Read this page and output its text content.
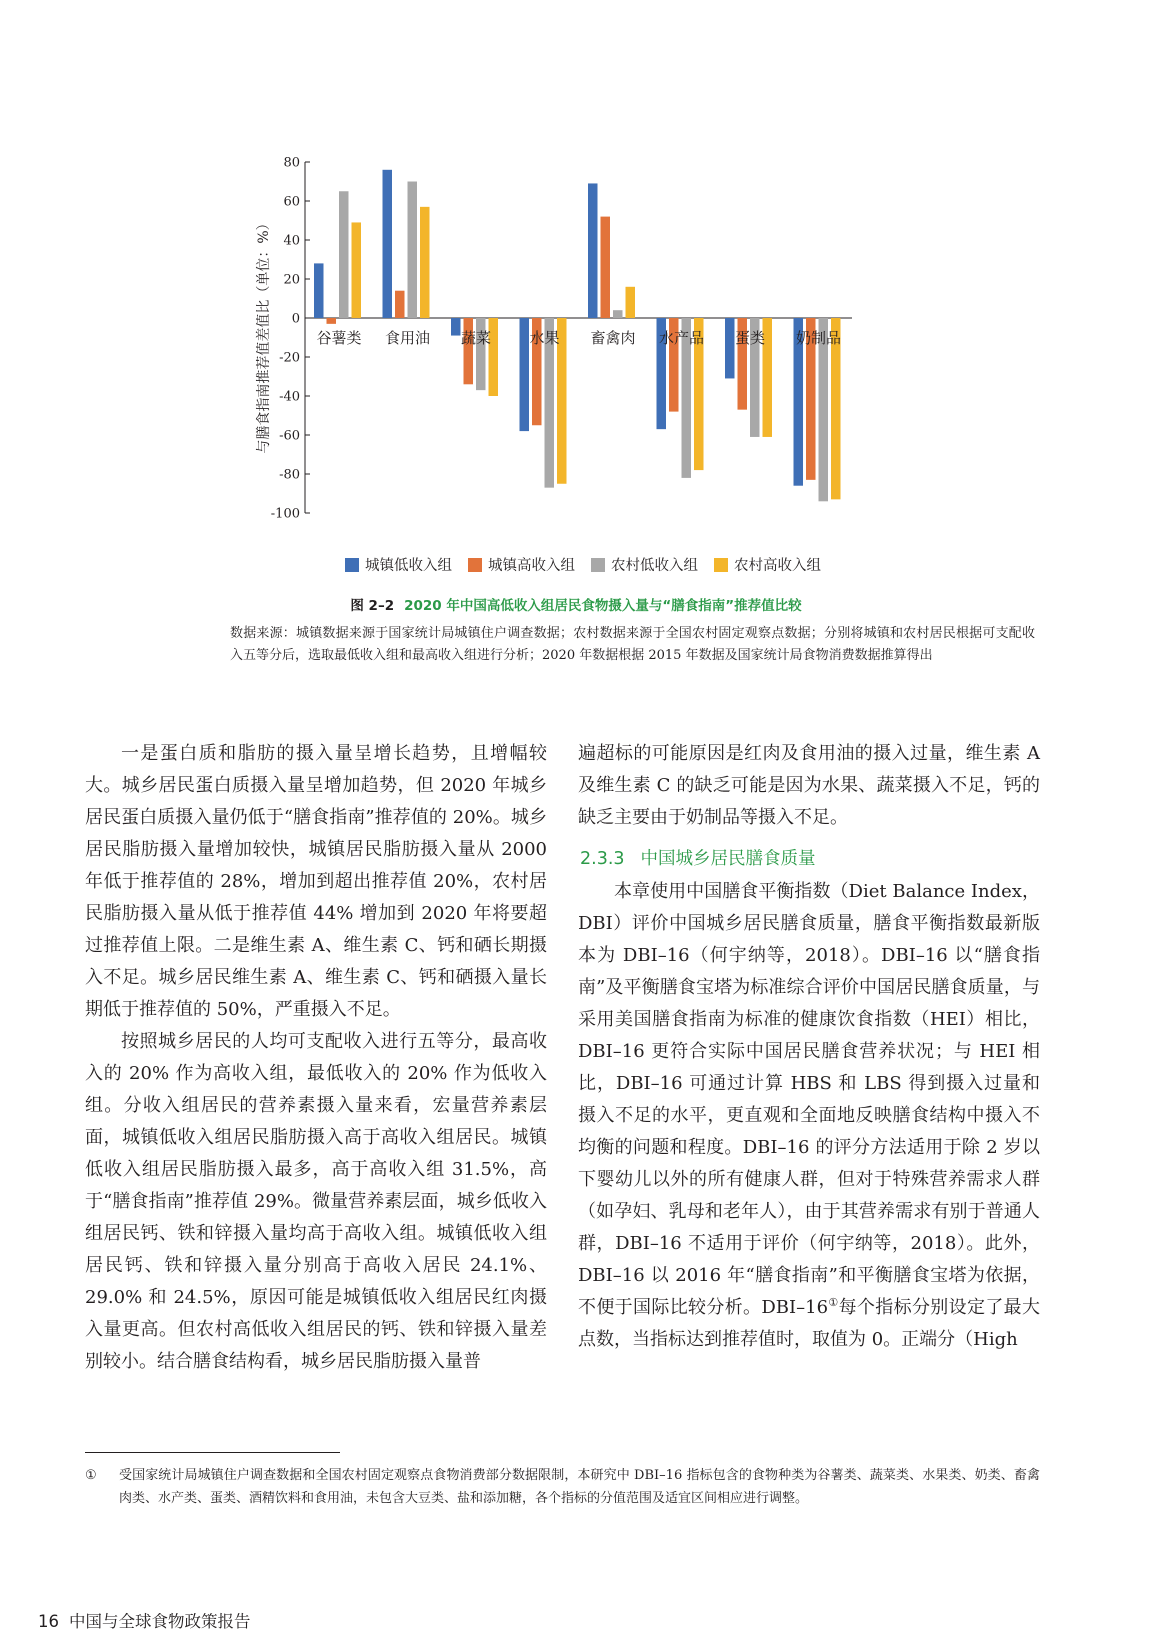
80
60
40
20
0
-20
-40
-60
-80
-100
谷薯类 食用油 蔬菜	水果 畜禽肉 水产品 蛋类 奶制品
与膳食指南推荐值差值比（单位：%）
城镇低收入组 城镇高收入组 农村低收入组 农村高收入组
图 2–2 2020 年中国高低收入组居民食物摄入量与“膳食指南”推荐值比较
数据来源：城镇数据来源于国家统计局城镇住户调查数据；农村数据来源于全国农村固定观察点数据；分别将城镇和农村居民根据可支配收入五等分后，选取最低收入组和最高收入组进行分析；2020 年数据根据 2015 年数据及国家统计局食物消费数据推算得出

一是蛋白质和脂肪的摄入量呈增长趋势，且增幅较大。城乡居民蛋白质摄入量呈增加趋势，但 2020 年城乡居民蛋白质摄入量仍低于“膳食指南”推荐值的 20%。城乡居民脂肪摄入量增加较快，城镇居民脂肪摄入量从 2000 年低于推荐值的 28%，增加到超出推荐值 20%，农村居民脂肪摄入量从低于推荐值 44% 增加到 2020 年将要超过推荐值上限。二是维生素 A、维生素 C、钙和硒长期摄入不足。城乡居民维生素 A、维生素 C、钙和硒摄入量长期低于推荐值的 50%，严重摄入不足。

按照城乡居民的人均可支配收入进行五等分，最高收入的 20% 作为高收入组，最低收入的 20% 作为低收入组。分收入组居民的营养素摄入量来看，宏量营养素层面，城镇低收入组居民脂肪摄入高于高收入组居民。城镇低收入组居民脂肪摄入最多，高于高收入组 31.5%，高于“膳食指南”推荐值 29%。微量营养素层面，城乡低收入组居民钙、铁和锌摄入量均高于高收入组。城镇低收入组居民钙、铁和锌摄入量分别高于高收入居民 24.1%、29.0% 和 24.5%，原因可能是城镇低收入组居民红肉摄入量更高。但农村高低收入组居民的钙、铁和锌摄入量差别较小。结合膳食结构看，城乡居民脂肪摄入量普

遍超标的可能原因是红肉及食用油的摄入过量，维生素 A 及维生素 C 的缺乏可能是因为水果、蔬菜摄入不足，钙的缺乏主要由于奶制品等摄入不足。

2.3.3 中国城乡居民膳食质量

本章使用中国膳食平衡指数（Diet Balance Index，DBI）评价中国城乡居民膳食质量，膳食平衡指数最新版本为 DBI–16（何宇纳等，2018）。DBI–16 以“膳食指南”及平衡膳食宝塔为标准综合评价中国居民膳食质量，与采用美国膳食指南为标准的健康饮食指数（HEI）相比，DBI–16 更符合实际中国居民膳食营养状况；与 HEI 相比，DBI–16 可通过计算 HBS 和 LBS 得到摄入过量和摄入不足的水平，更直观和全面地反映膳食结构中摄入不均衡的问题和程度。DBI–16 的评分方法适用于除 2 岁以下婴幼儿以外的所有健康人群，但对于特殊营养需求人群（如孕妇、乳母和老年人），由于其营养需求有别于普通人群，DBI–16 不适用于评价（何宇纳等，2018）。此外，DBI–16 以 2016 年“膳食指南”和平衡膳食宝塔为依据，不便于国际比较分析。DBI–16①每个指标分别设定了最大点数，当指标达到推荐值时，取值为 0。正端分（High

① 受国家统计局城镇住户调查数据和全国农村固定观察点食物消费部分数据限制，本研究中 DBI–16 指标包含的食物种类为谷薯类、蔬菜类、水果类、奶类、畜禽肉类、水产类、蛋类、酒精饮料和食用油，未包含大豆类、盐和添加糖，各个指标的分值范围及适宜区间相应进行调整。
16 中国与全球食物政策报告
